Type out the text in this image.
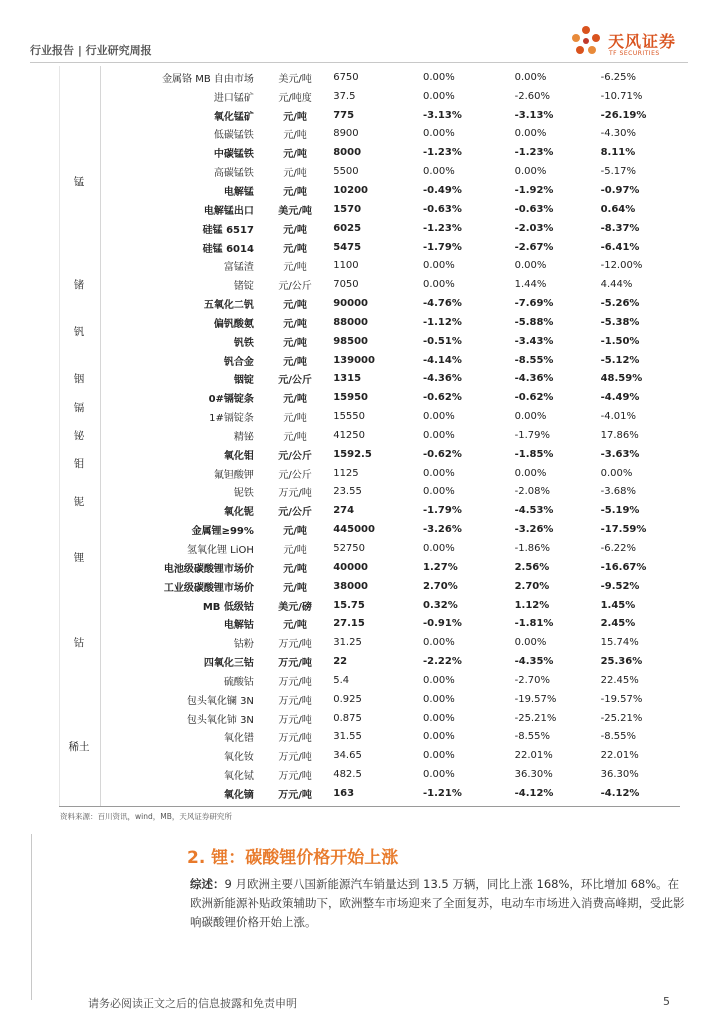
行业报告 | 行业研究周报	天风证券
TF SECURITIES
	金属铬 MB 自由市场	美元/吨	6750	0.00%	0.00%	-6.25%
锰	进口锰矿	元/吨度	37.5	0.00%	-2.60%	-10.71%
	氧化锰矿	元/吨	775	-3.13%	-3.13%	-26.19%
	低碳锰铁	元/吨	8900	0.00%	0.00%	-4.30%
	中碳锰铁	元/吨	8000	-1.23%	-1.23%	8.11%
	高碳锰铁	元/吨	5500	0.00%	0.00%	-5.17%
	电解锰	元/吨	10200	-0.49%	-1.92%	-0.97%
	电解锰出口	美元/吨	1570	-0.63%	-0.63%	0.64%
	硅锰 6517	元/吨	6025	-1.23%	-2.03%	-8.37%
	硅锰 6014	元/吨	5475	-1.79%	-2.67%	-6.41%
	富锰渣	元/吨	1100	0.00%	0.00%	-12.00%
锗	锗锭	元/公斤	7050	0.00%	1.44%	4.44%
钒	五氧化二钒	元/吨	90000	-4.76%	-7.69%	-5.26%
	偏钒酸氨	元/吨	88000	-1.12%	-5.88%	-5.38%
	钒铁	元/吨	98500	-0.51%	-3.43%	-1.50%
	钒合金	元/吨	139000	-4.14%	-8.55%	-5.12%
铟	铟锭	元/公斤	1315	-4.36%	-4.36%	48.59%
镉	0#镉锭条	元/吨	15950	-0.62%	-0.62%	-4.49%
	1#镉锭条	元/吨	15550	0.00%	0.00%	-4.01%
铋	精铋	元/吨	41250	0.00%	-1.79%	17.86%
钼	氧化钼	元/公斤	1592.5	-0.62%	-1.85%	-3.63%
	氟钽酸钾	元/公斤	1125	0.00%	0.00%	0.00%
铌	铌铁	万元/吨	23.55	0.00%	-2.08%	-3.68%
	氧化铌	元/公斤	274	-1.79%	-4.53%	-5.19%
锂	金属锂≥99%	元/吨	445000	-3.26%	-3.26%	-17.59%
	氢氧化锂 LiOH	元/吨	52750	0.00%	-1.86%	-6.22%
	电池级碳酸锂市场价	元/吨	40000	1.27%	2.56%	-16.67%
	工业级碳酸锂市场价	元/吨	38000	2.70%	2.70%	-9.52%
钴	MB 低级钴	美元/磅	15.75	0.32%	1.12%	1.45%
	电解钴	元/吨	27.15	-0.91%	-1.81%	2.45%
	钴粉	万元/吨	31.25	0.00%	0.00%	15.74%
	四氧化三钴	万元/吨	22	-2.22%	-4.35%	25.36%
	硫酸钴	万元/吨	5.4	0.00%	-2.70%	22.45%
稀土	包头氧化镧 3N	万元/吨	0.925	0.00%	-19.57%	-19.57%
	包头氧化铈 3N	万元/吨	0.875	0.00%	-25.21%	-25.21%
	氧化镨	万元/吨	31.55	0.00%	-8.55%	-8.55%
	氧化钕	万元/吨	34.65	0.00%	22.01%	22.01%
	氧化铽	万元/吨	482.5	0.00%	36.30%	36.30%
	氧化镝	万元/吨	163	-1.21%	-4.12%	-4.12%
资料来源：百川资讯，wind，MB，天风证券研究所
2. 锂：碳酸锂价格开始上涨
综述：9 月欧洲主要八国新能源汽车销量达到 13.5 万辆，同比上涨 168%，环比增加 68%。在欧洲新能源补贴政策辅助下，欧洲整车市场迎来了全面复苏，电动车市场进入消费高峰期，受此影响碳酸锂价格开始上涨。
请务必阅读正文之后的信息披露和免责申明	5
